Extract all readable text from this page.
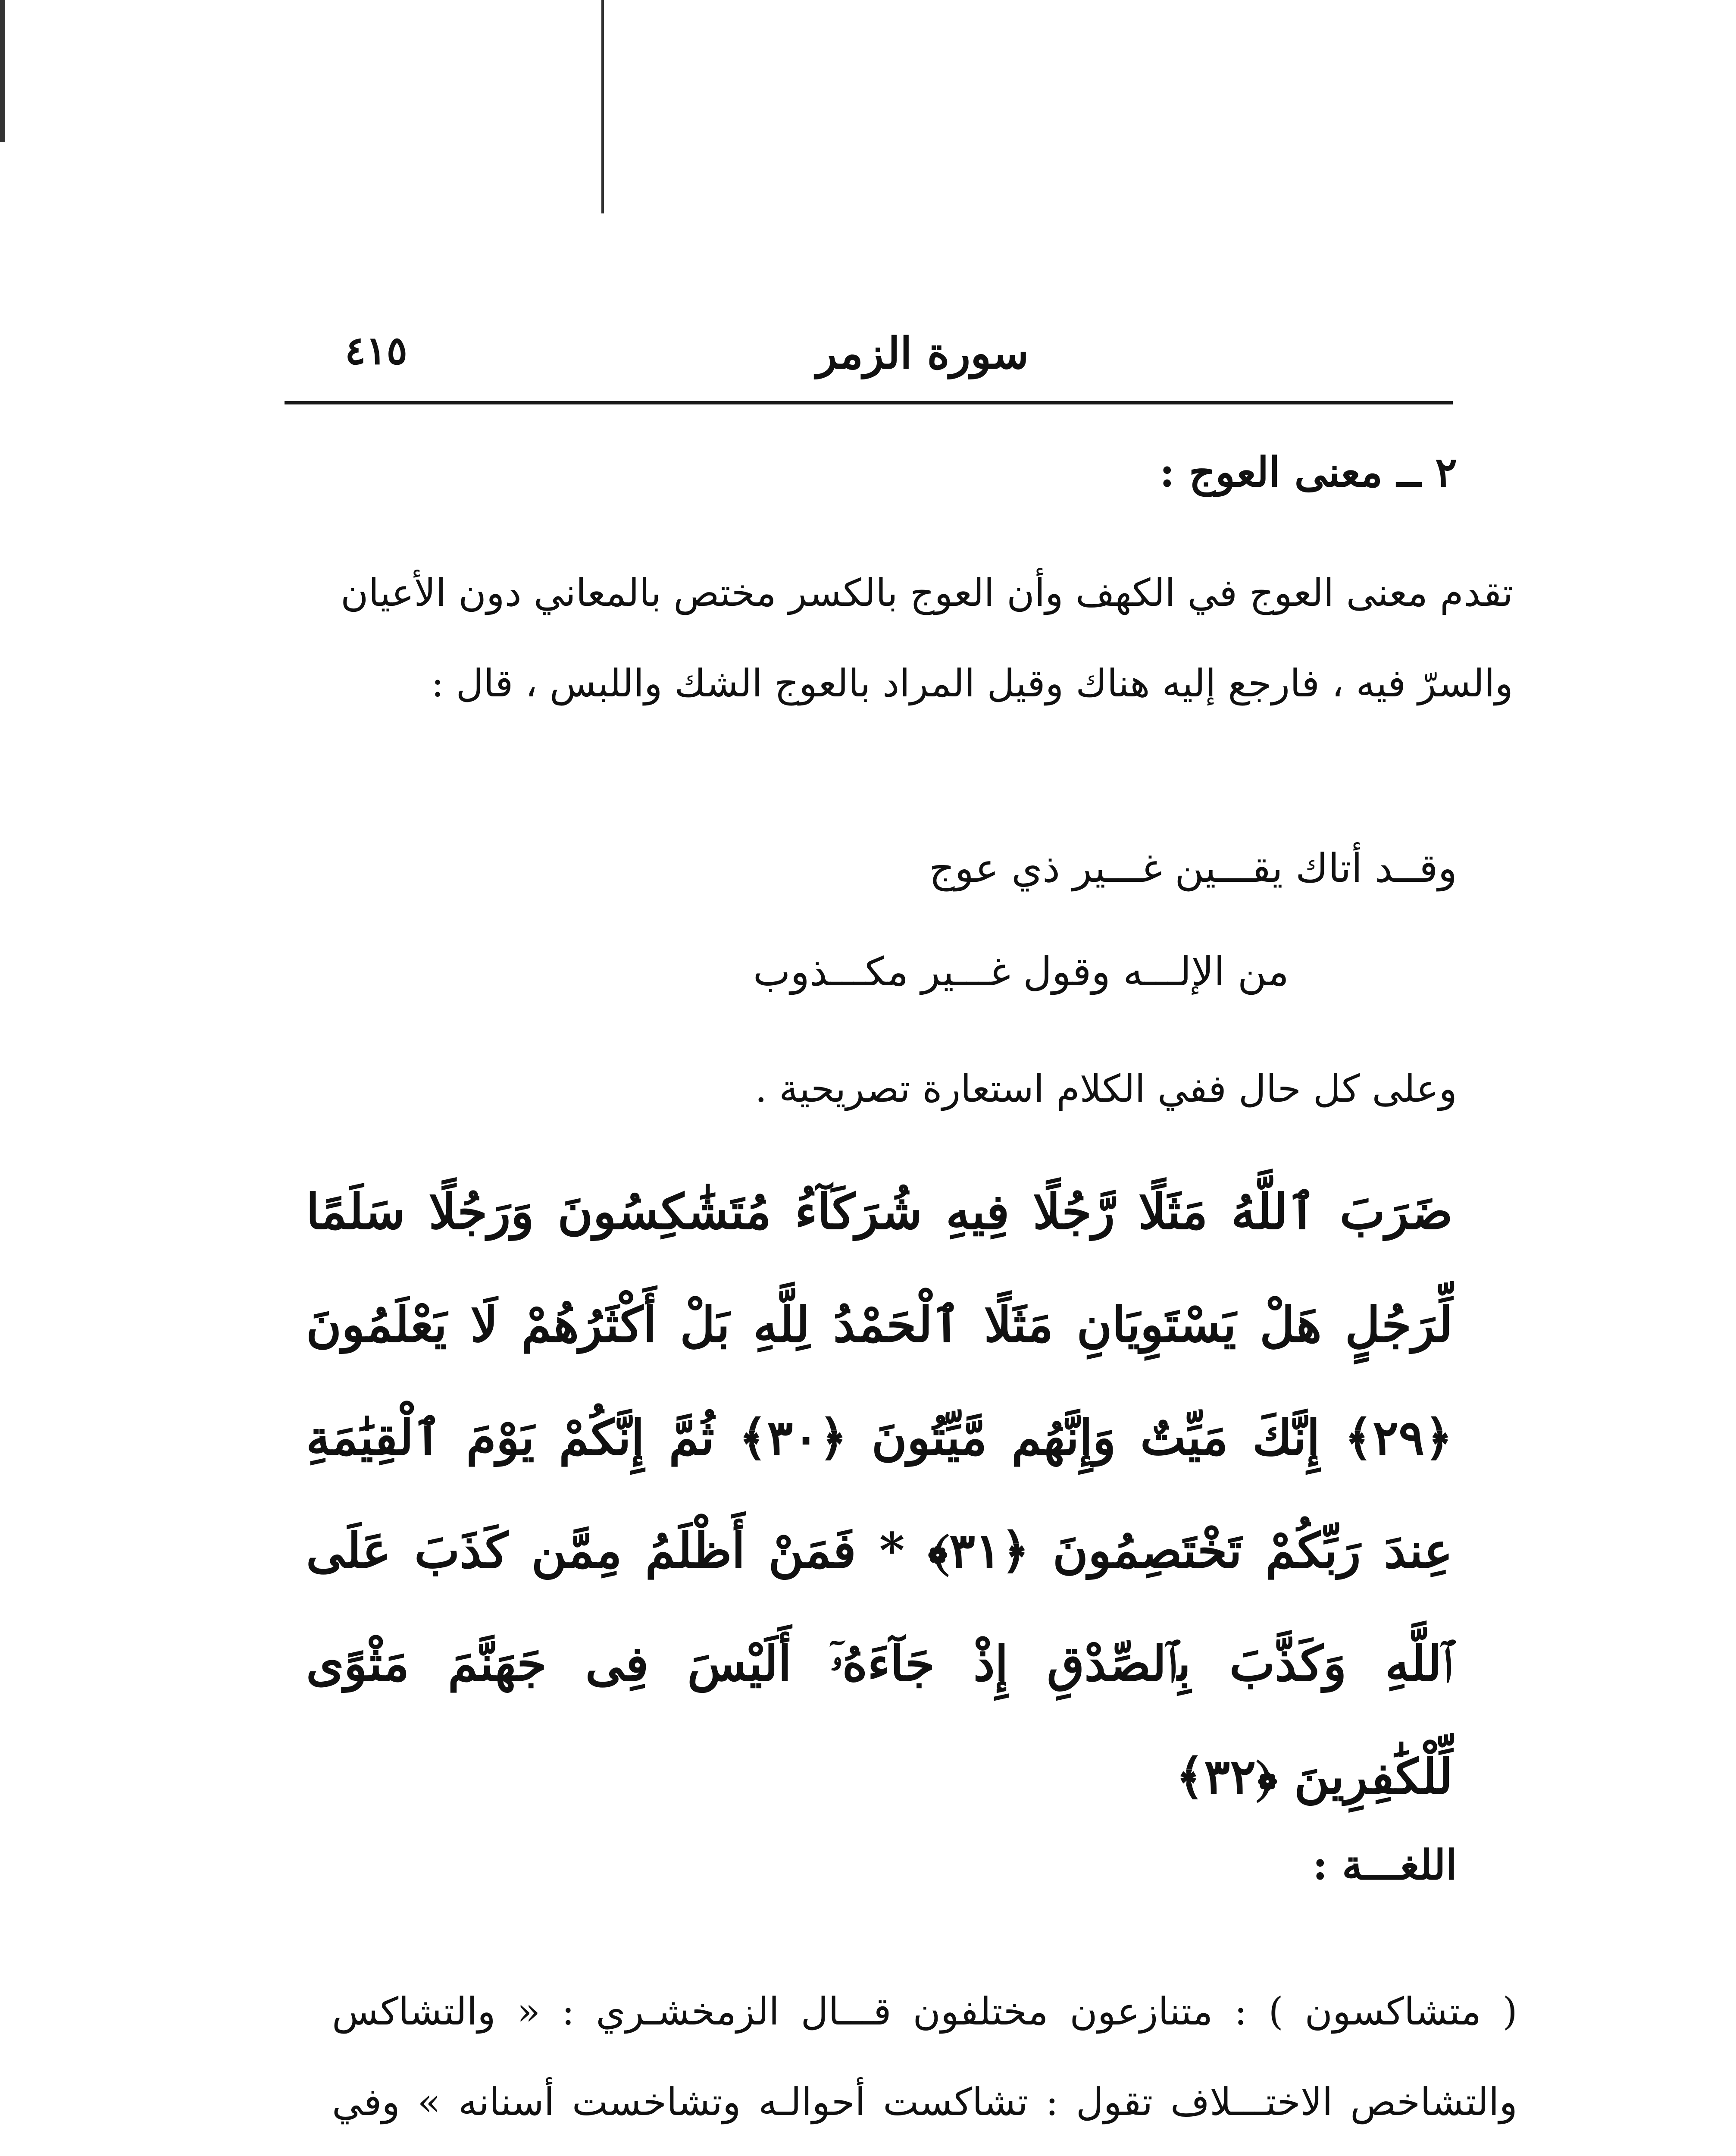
سورة الزمر
٤١٥
٢ ــ معنى العوج :
تقدم معنى العوج في الكهف وأن العوج بالكسر مختص بالمعاني دون الأعيان والسرّ فيه ، فارجع إليه هناك وقيل المراد بالعوج الشك واللبس ، قال :
وقــد أتاك يقـــين غـــير ذي عوج
من الإلـــه وقول غـــير مكـــذوب
وعلى كل حال ففي الكلام استعارة تصريحية .
ضَرَبَ ٱللَّهُ مَثَلًا رَّجُلًا فِيهِ شُرَكَآءُ مُتَشَٰكِسُونَ وَرَجُلًا سَلَمًا لِّرَجُلٍ هَلْ يَسْتَوِيَانِ مَثَلًا ٱلْحَمْدُ لِلَّهِ بَلْ أَكْثَرُهُمْ لَا يَعْلَمُونَ ﴿٢٩﴾ إِنَّكَ مَيِّتٌ وَإِنَّهُم مَّيِّتُونَ ﴿٣٠﴾ ثُمَّ إِنَّكُمْ يَوْمَ ٱلْقِيَٰمَةِ عِندَ رَبِّكُمْ تَخْتَصِمُونَ ﴿٣١﴾ * فَمَنْ أَظْلَمُ مِمَّن كَذَبَ عَلَى ٱللَّهِ وَكَذَّبَ بِٱلصِّدْقِ إِذْ جَآءَهُۥٓ أَلَيْسَ فِى جَهَنَّمَ مَثْوًى لِّلْكَٰفِرِينَ ﴿٣٢﴾
اللغـــة :
( متشاكسون ) : متنازعون مختلفون قـــال الزمخشـري : « والتشاكس والتشاخص الاختـــلاف تقول : تشاكست أحوالـه وتشاخست أسنانه » وفي
